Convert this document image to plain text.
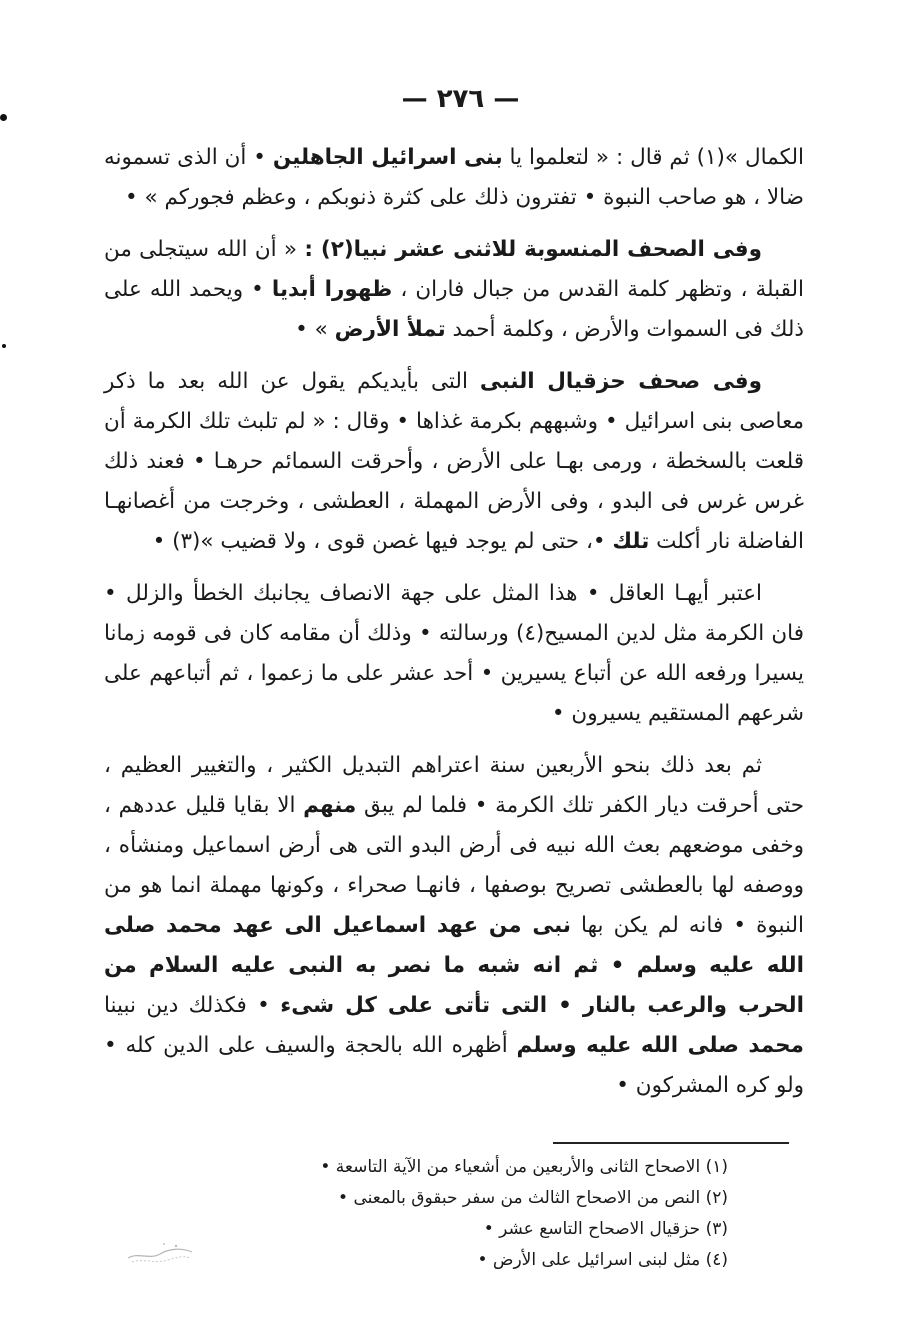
— ٢٧٦ —

الكمال »(١) ثم قال : « لتعلموا يا بنى اسرائيل الجاهلين • أن الذى تسمونه ضالا ، هو صاحب النبوة • تفترون ذلك على كثرة ذنوبكم ، وعظم فجوركم » •

وفى الصحف المنسوبة للاثنى عشر نبيا(٢) : « أن الله سيتجلى من القبلة ، وتظهر كلمة القدس من جبال فاران ، ظهورا أبديا • ويحمد الله على ذلك فى السموات والأرض ، وكلمة أحمد تملأ الأرض » •

وفى صحف حزقيال النبى التى بأيديكم يقول عن الله بعد ما ذكر معاصى بنى اسرائيل • وشبههم بكرمة غذاها • وقال : « لم تلبث تلك الكرمة أن قلعت بالسخطة ، ورمى بهـا على الأرض ، وأحرقت السمائم حرهـا • فعند ذلك غرس غرس فى البدو ، وفى الأرض المهملة ، العطشى ، وخرجت من أغصانهـا الفاضلة نار أكلت تلك •، حتى لم يوجد فيها غصن قوى ، ولا قضيب »(٣) •

اعتبر أيهـا العاقل • هذا المثل على جهة الانصاف يجانبك الخطأ والزلل • فان الكرمة مثل لدين المسيح(٤) ورسالته • وذلك أن مقامه كان فى قومه زمانا يسيرا ورفعه الله عن أتباع يسيرين • أحد عشر على ما زعموا ، ثم أتباعهم على شرعهم المستقيم يسيرون •

ثم بعد ذلك بنحو الأربعين سنة اعتراهم التبديل الكثير ، والتغيير العظيم ، حتى أحرقت ديار الكفر تلك الكرمة • فلما لم يبق منهم الا بقايا قليل عددهم ، وخفى موضعهم بعث الله نبيه فى أرض البدو التى هى أرض اسماعيل ومنشأه ، ووصفه لها بالعطشى تصريح بوصفها ، فانهـا صحراء ، وكونها مهملة انما هو من النبوة • فانه لم يكن بها نبى من عهد اسماعيل الى عهد محمد صلى الله عليه وسلم • ثم انه شبه ما نصر به النبى عليه السلام من الحرب والرعب بالنار • التى تأتى على كل شىء • فكذلك دين نبينا محمد صلى الله عليه وسلم أظهره الله بالحجة والسيف على الدين كله • ولو كره المشركون •

(١) الاصحاح الثانى والأربعين من أشعياء من الآية التاسعة •
(٢) النص من الاصحاح الثالث من سفر حبقوق بالمعنى •
(٣) حزقيال الاصحاح التاسع عشر •
(٤) مثل لبنى اسرائيل على الأرض •
